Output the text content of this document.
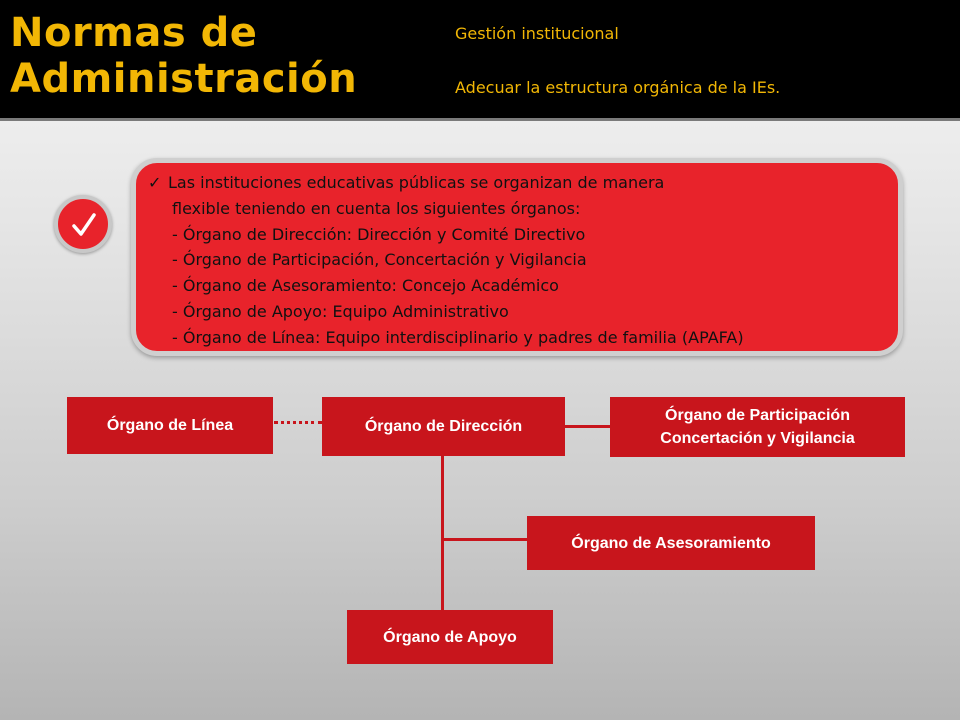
Normas de
Administración

Gestión institucional

Adecuar la estructura orgánica de la IEs.

✓ Las instituciones educativas públicas se organizan de manera
flexible teniendo en cuenta los siguientes órganos:
- Órgano de Dirección: Dirección y Comité Directivo
- Órgano de Participación, Concertación y Vigilancia
- Órgano de Asesoramiento: Concejo Académico
- Órgano de Apoyo: Equipo Administrativo
- Órgano de Línea: Equipo interdisciplinario y padres de familia (APAFA)

Órgano de Línea	Órgano de Dirección
Órgano de Participación
Concertación y Vigilancia
Órgano de Asesoramiento
Órgano de Apoyo
